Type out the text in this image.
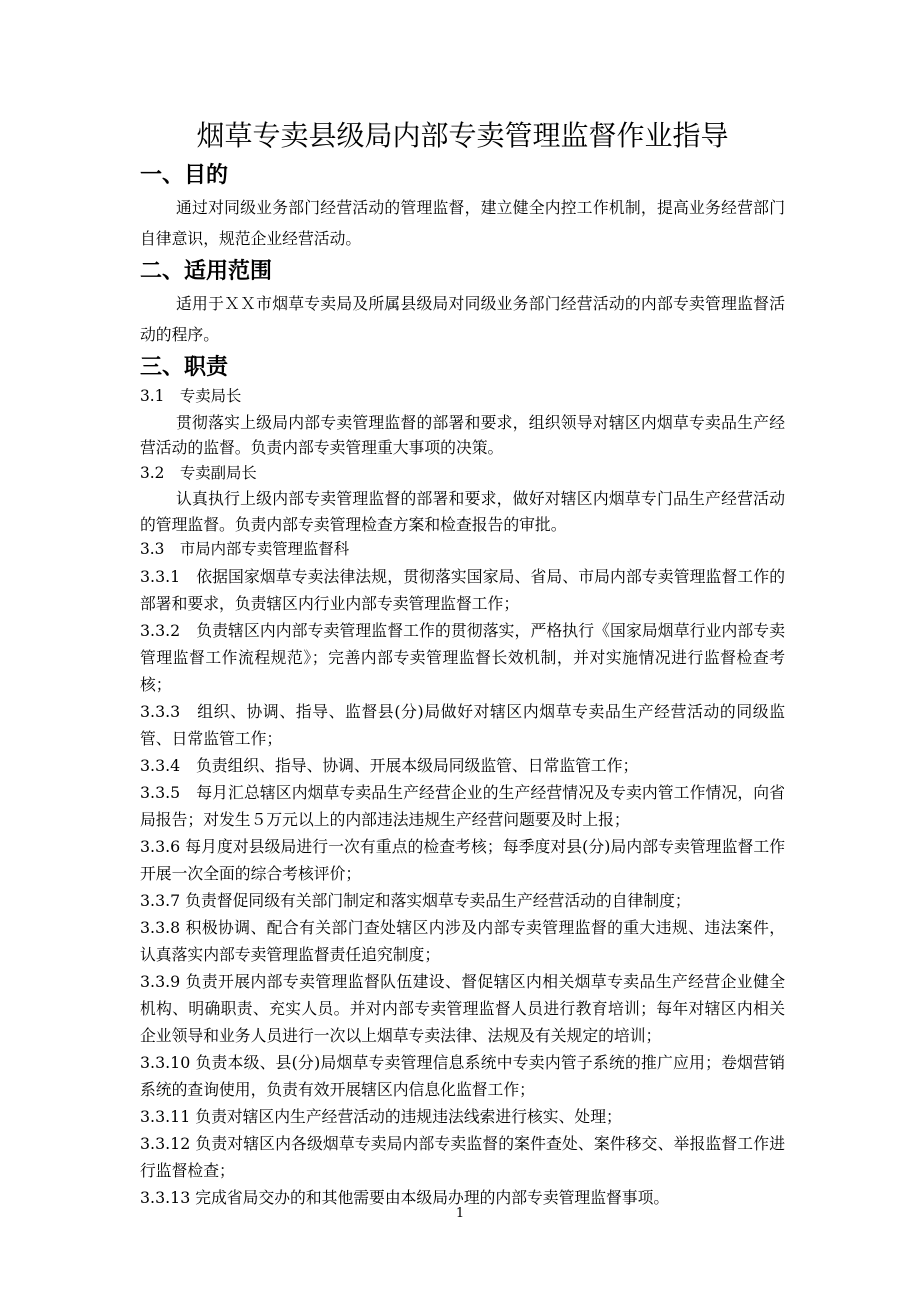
烟草专卖县级局内部专卖管理监督作业指导
一、目的

通过对同级业务部门经营活动的管理监督，建立健全内控工作机制，提高业务经营部门自律意识，规范企业经营活动。

二、适用范围

适用于ＸＸ市烟草专卖局及所属县级局对同级业务部门经营活动的内部专卖管理监督活动的程序。

三、职责
3.1　专卖局长

贯彻落实上级局内部专卖管理监督的部署和要求，组织领导对辖区内烟草专卖品生产经营活动的监督。负责内部专卖管理重大事项的决策。

3.2　专卖副局长

认真执行上级内部专卖管理监督的部署和要求，做好对辖区内烟草专门品生产经营活动的管理监督。负责内部专卖管理检查方案和检查报告的审批。

3.3　市局内部专卖管理监督科

3.3.1　依据国家烟草专卖法律法规，贯彻落实国家局、省局、市局内部专卖管理监督工作的部署和要求，负责辖区内行业内部专卖管理监督工作；

3.3.2　负责辖区内内部专卖管理监督工作的贯彻落实，严格执行《国家局烟草行业内部专卖管理监督工作流程规范》；完善内部专卖管理监督长效机制，并对实施情况进行监督检查考核；

3.3.3　组织、协调、指导、监督县(分)局做好对辖区内烟草专卖品生产经营活动的同级监管、日常监管工作；

3.3.4　负责组织、指导、协调、开展本级局同级监管、日常监管工作；

3.3.5　每月汇总辖区内烟草专卖品生产经营企业的生产经营情况及专卖内管工作情况，向省局报告；对发生５万元以上的内部违法违规生产经营问题要及时上报；

3.3.6 每月度对县级局进行一次有重点的检查考核；每季度对县(分)局内部专卖管理监督工作开展一次全面的综合考核评价；

3.3.7 负责督促同级有关部门制定和落实烟草专卖品生产经营活动的自律制度；

3.3.8 积极协调、配合有关部门查处辖区内涉及内部专卖管理监督的重大违规、违法案件，认真落实内部专卖管理监督责任追究制度；

3.3.9 负责开展内部专卖管理监督队伍建设、督促辖区内相关烟草专卖品生产经营企业健全机构、明确职责、充实人员。并对内部专卖管理监督人员进行教育培训；每年对辖区内相关企业领导和业务人员进行一次以上烟草专卖法律、法规及有关规定的培训；

3.3.10 负责本级、县(分)局烟草专卖管理信息系统中专卖内管子系统的推广应用；卷烟营销系统的查询使用，负责有效开展辖区内信息化监督工作；

3.3.11 负责对辖区内生产经营活动的违规违法线索进行核实、处理；

3.3.12 负责对辖区内各级烟草专卖局内部专卖监督的案件查处、案件移交、举报监督工作进行监督检查；

3.3.13 完成省局交办的和其他需要由本级局办理的内部专卖管理监督事项。

1
